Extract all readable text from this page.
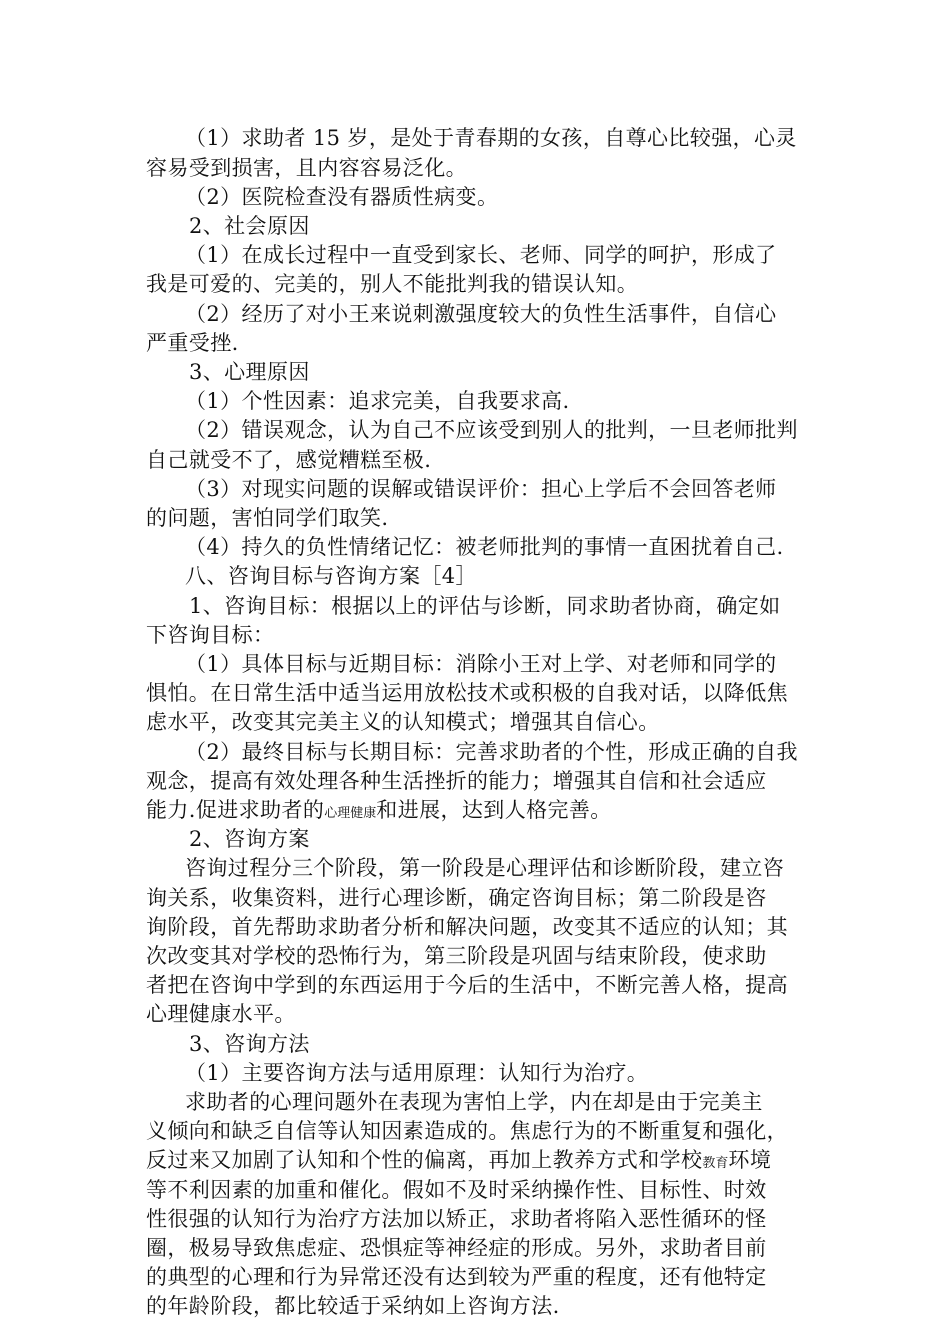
（1）求助者 15 岁，是处于青春期的女孩，自尊心比较强，心灵
容易受到损害，且内容容易泛化。
（2）医院检查没有器质性病变。
2、社会原因
（1）在成长过程中一直受到家长、老师、同学的呵护，形成了
我是可爱的、完美的，别人不能批判我的错误认知。
（2）经历了对小王来说刺激强度较大的负性生活事件，自信心
严重受挫.
3、心理原因
（1）个性因素：追求完美，自我要求高.
（2）错误观念，认为自己不应该受到别人的批判，一旦老师批判
自己就受不了，感觉糟糕至极.
（3）对现实问题的误解或错误评价：担心上学后不会回答老师
的问题，害怕同学们取笑.
（4）持久的负性情绪记忆：被老师批判的事情一直困扰着自己.
八、咨询目标与咨询方案［4］
1、咨询目标：根据以上的评估与诊断，同求助者协商，确定如
下咨询目标：
（1）具体目标与近期目标：消除小王对上学、对老师和同学的
惧怕。在日常生活中适当运用放松技术或积极的自我对话，以降低焦
虑水平，改变其完美主义的认知模式；增强其自信心。
（2）最终目标与长期目标：完善求助者的个性，形成正确的自我
观念，提高有效处理各种生活挫折的能力；增强其自信和社会适应
能力.促进求助者的心理健康和进展，达到人格完善。
2、咨询方案
咨询过程分三个阶段，第一阶段是心理评估和诊断阶段，建立咨
询关系，收集资料，进行心理诊断，确定咨询目标；第二阶段是咨
询阶段，首先帮助求助者分析和解决问题，改变其不适应的认知；其
次改变其对学校的恐怖行为，第三阶段是巩固与结束阶段，使求助
者把在咨询中学到的东西运用于今后的生活中，不断完善人格，提高
心理健康水平。
3、咨询方法
（1）主要咨询方法与适用原理：认知行为治疗。
求助者的心理问题外在表现为害怕上学，内在却是由于完美主
义倾向和缺乏自信等认知因素造成的。焦虑行为的不断重复和强化，
反过来又加剧了认知和个性的偏离，再加上教养方式和学校教育环境
等不利因素的加重和催化。假如不及时采纳操作性、目标性、时效
性很强的认知行为治疗方法加以矫正，求助者将陷入恶性循环的怪
圈，极易导致焦虑症、恐惧症等神经症的形成。另外，求助者目前
的典型的心理和行为异常还没有达到较为严重的程度，还有他特定
的年龄阶段，都比较适于采纳如上咨询方法.
